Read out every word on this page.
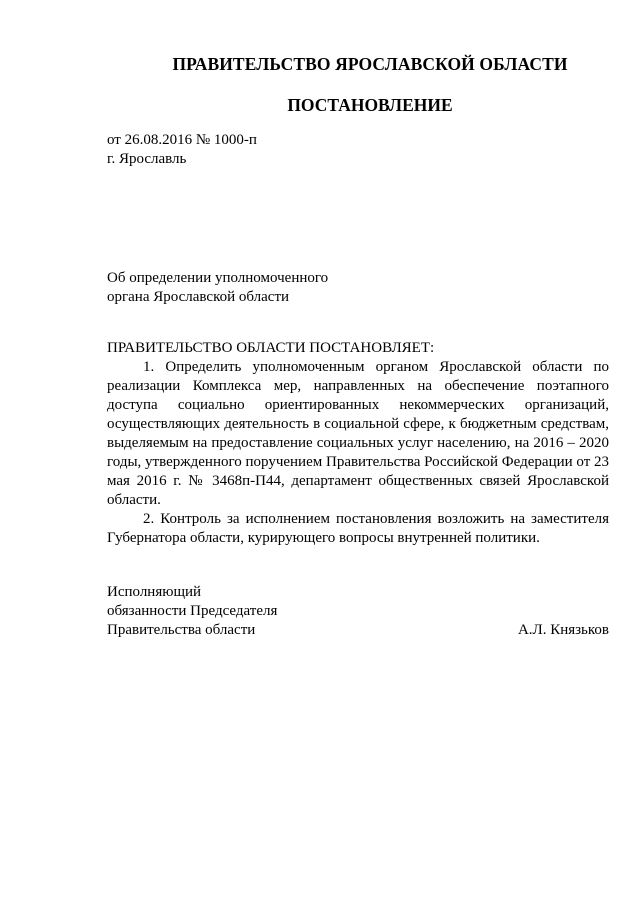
ПРАВИТЕЛЬСТВО ЯРОСЛАВСКОЙ ОБЛАСТИ
ПОСТАНОВЛЕНИЕ
от 26.08.2016 № 1000-п
г. Ярославль
Об определении уполномоченного
органа Ярославской области
ПРАВИТЕЛЬСТВО ОБЛАСТИ ПОСТАНОВЛЯЕТ:

1. Определить уполномоченным органом Ярославской области по реализации Комплекса мер, направленных на обеспечение поэтапного доступа социально ориентированных некоммерческих организаций, осуществляющих деятельность в социальной сфере, к бюджетным средствам, выделяемым на предоставление социальных услуг населению, на 2016 – 2020 годы, утвержденного поручением Правительства Российской Федерации от 23 мая 2016 г. № 3468п-П44, департамент общественных связей Ярославской области.

2. Контроль за исполнением постановления возложить на заместителя Губернатора области, курирующего вопросы внутренней политики.

Исполняющий
обязанности Председателя
Правительства области	А.Л. Князьков
